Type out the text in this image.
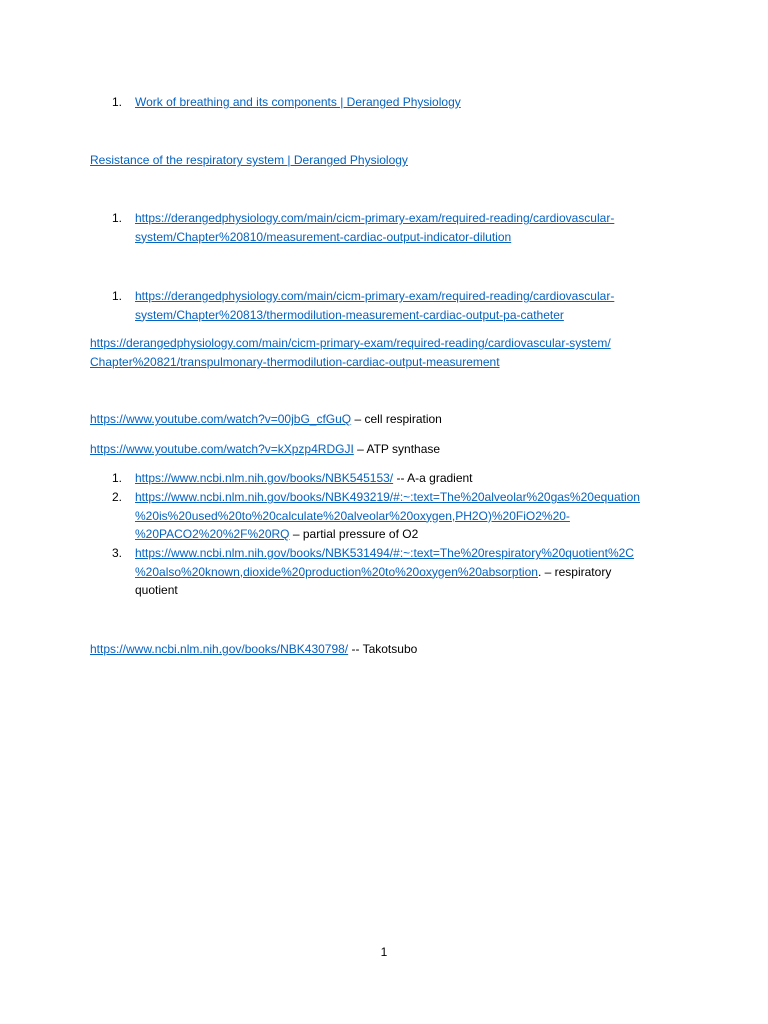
1. Work of breathing and its components | Deranged Physiology
Resistance of the respiratory system | Deranged Physiology
1. https://derangedphysiology.com/main/cicm-primary-exam/required-reading/cardiovascular-
system/Chapter%20810/measurement-cardiac-output-indicator-dilution
1. https://derangedphysiology.com/main/cicm-primary-exam/required-reading/cardiovascular-
system/Chapter%20813/thermodilution-measurement-cardiac-output-pa-catheter
https://derangedphysiology.com/main/cicm-primary-exam/required-reading/cardiovascular-system/
Chapter%20821/transpulmonary-thermodilution-cardiac-output-measurement
https://www.youtube.com/watch?v=00jbG_cfGuQ – cell respiration
https://www.youtube.com/watch?v=kXpzp4RDGJI – ATP synthase
1. https://www.ncbi.nlm.nih.gov/books/NBK545153/ -- A-a gradient
2. https://www.ncbi.nlm.nih.gov/books/NBK493219/#:~:text=The%20alveolar%20gas%20equation
%20is%20used%20to%20calculate%20alveolar%20oxygen,PH2O)%20FiO2%20-
%20PACO2%20%2F%20RQ – partial pressure of O2
3. https://www.ncbi.nlm.nih.gov/books/NBK531494/#:~:text=The%20respiratory%20quotient%2C
%20also%20known,dioxide%20production%20to%20oxygen%20absorption. – respiratory
quotient
https://www.ncbi.nlm.nih.gov/books/NBK430798/ -- Takotsubo
1
